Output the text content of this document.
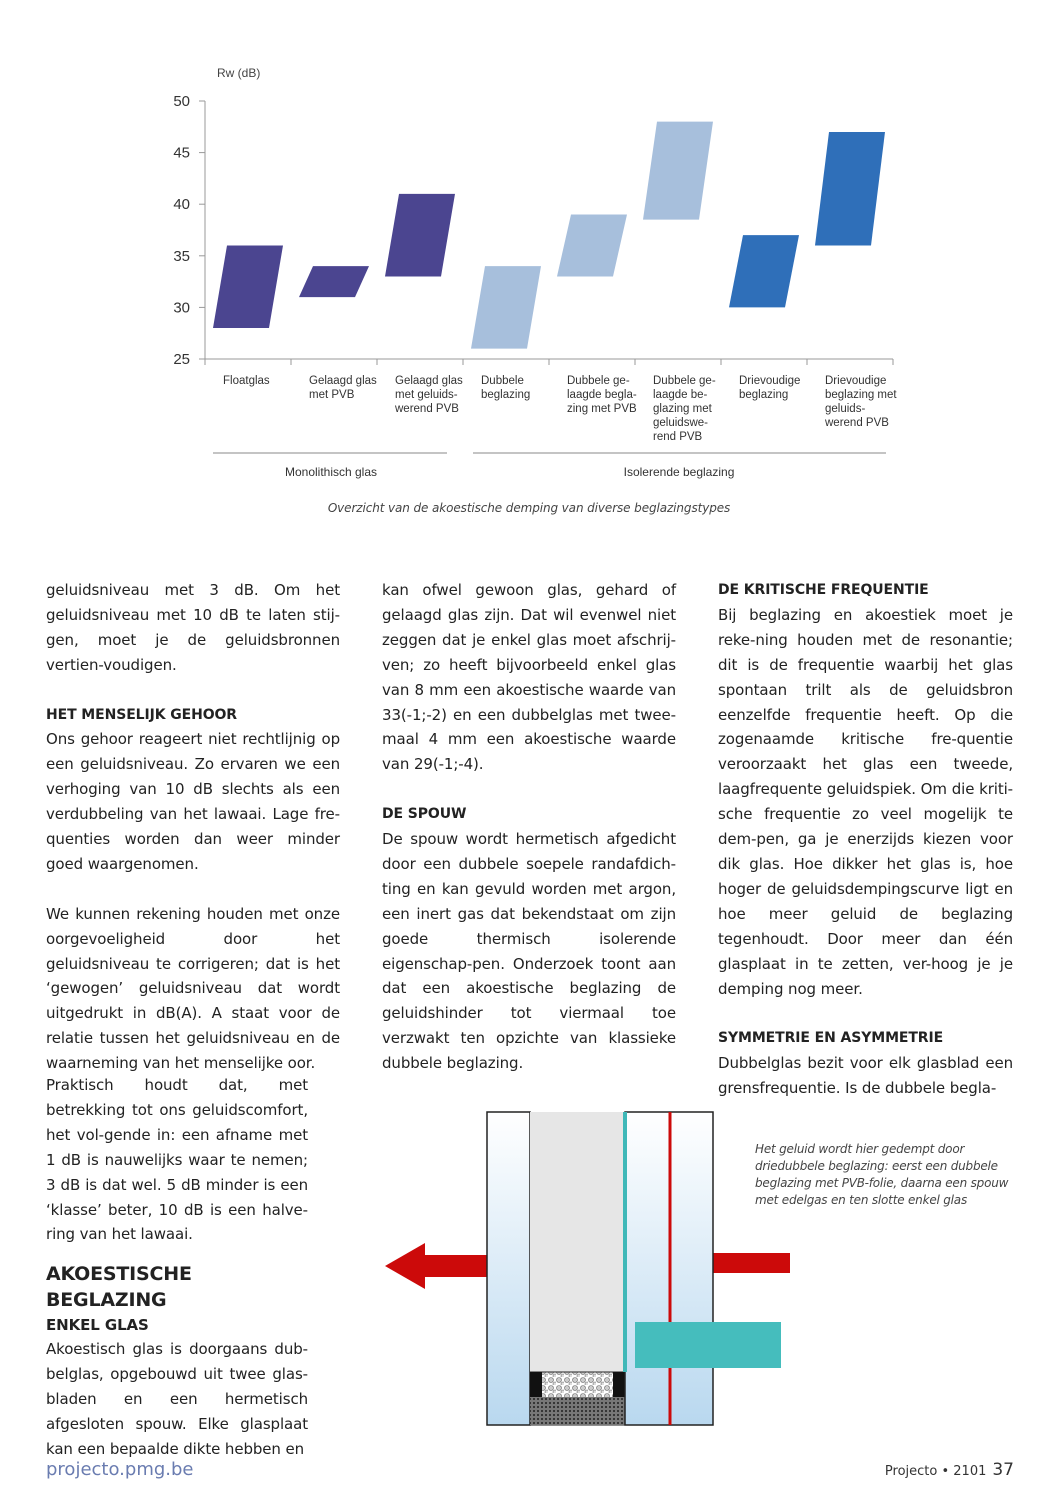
Rw (dB)
25
30
35
40
45
50
Floatglas	Gelaagd glas
met PVB
Gelaagd glas
met geluids-
werend PVB
Dubbele
beglazing
Dubbele ge-
laagde begla-
zing met PVB
Dubbele ge-
laagde be-
glazing met
geluidswe-
rend PVB
Drievoudige
beglazing
Drievoudige
beglazing met
geluids-
werend PVB
Monolithisch glas	Isolerende beglazing
Overzicht van de akoestische demping van diverse beglazingstypes

geluidsniveau met 3 dB. Om het geluidsniveau met 10 dB te laten stij-gen, moet je de geluidsbronnen vertien-voudigen.

HET MENSELIJK GEHOOR

Ons gehoor reageert niet rechtlijnig op een geluidsniveau. Zo ervaren we een verhoging van 10 dB slechts als een verdubbeling van het lawaai. Lage fre-quenties worden dan weer minder goed waargenomen.

We kunnen rekening houden met onze oorgevoeligheid door het geluidsniveau te corrigeren; dat is het ‘gewogen’ geluidsniveau dat wordt uitgedrukt in dB(A). A staat voor de relatie tussen het geluidsniveau en de waarneming van het menselijke oor.

Praktisch houdt dat, met betrekking tot ons geluidscomfort, het vol-gende in: een afname met 1 dB is nauwelijks waar te nemen; 3 dB is dat wel. 5 dB minder is een ‘klasse’ beter, 10 dB is een halve-ring van het lawaai.

AKOESTISCHE BEGLAZING

ENKEL GLAS

Akoestisch glas is doorgaans dub-belglas, opgebouwd uit twee glas-bladen en een hermetisch afgesloten spouw. Elke glasplaat kan een bepaalde dikte hebben en

kan ofwel gewoon glas, gehard of gelaagd glas zijn. Dat wil evenwel niet zeggen dat je enkel glas moet afschrij-ven; zo heeft bijvoorbeeld enkel glas van 8 mm een akoestische waarde van 33(-1;-2) en een dubbelglas met twee-maal 4 mm een akoestische waarde van 29(-1;-4).

DE SPOUW

De spouw wordt hermetisch afgedicht door een dubbele soepele randafdich-ting en kan gevuld worden met argon, een inert gas dat bekendstaat om zijn goede thermisch isolerende eigenschap-pen. Onderzoek toont aan dat een akoestische beglazing de geluidshinder tot viermaal toe verzwakt ten opzichte van klassieke dubbele beglazing.

DE KRITISCHE FREQUENTIE

Bij beglazing en akoestiek moet je reke-ning houden met de resonantie; dit is de frequentie waarbij het glas spontaan trilt als de geluidsbron eenzelfde frequentie heeft. Op die zogenaamde kritische fre-quentie veroorzaakt het glas een tweede, laagfrequente geluidspiek. Om die kriti-sche frequentie zo veel mogelijk te dem-pen, ga je enerzijds kiezen voor dik glas. Hoe dikker het glas is, hoe hoger de geluidsdempingscurve ligt en hoe meer geluid de beglazing tegenhoudt. Door meer dan één glasplaat in te zetten, ver-hoog je je demping nog meer.

SYMMETRIE EN ASYMMETRIE

Dubbelglas bezit voor elk glasblad een grensfrequentie. Is de dubbele begla-

Het geluid wordt hier gedempt door driedubbele beglazing: eerst een dubbele beglazing met PVB-folie, daarna een spouw met edelgas en ten slotte enkel glas
projecto.pmg.be	Projecto • 2101 37
